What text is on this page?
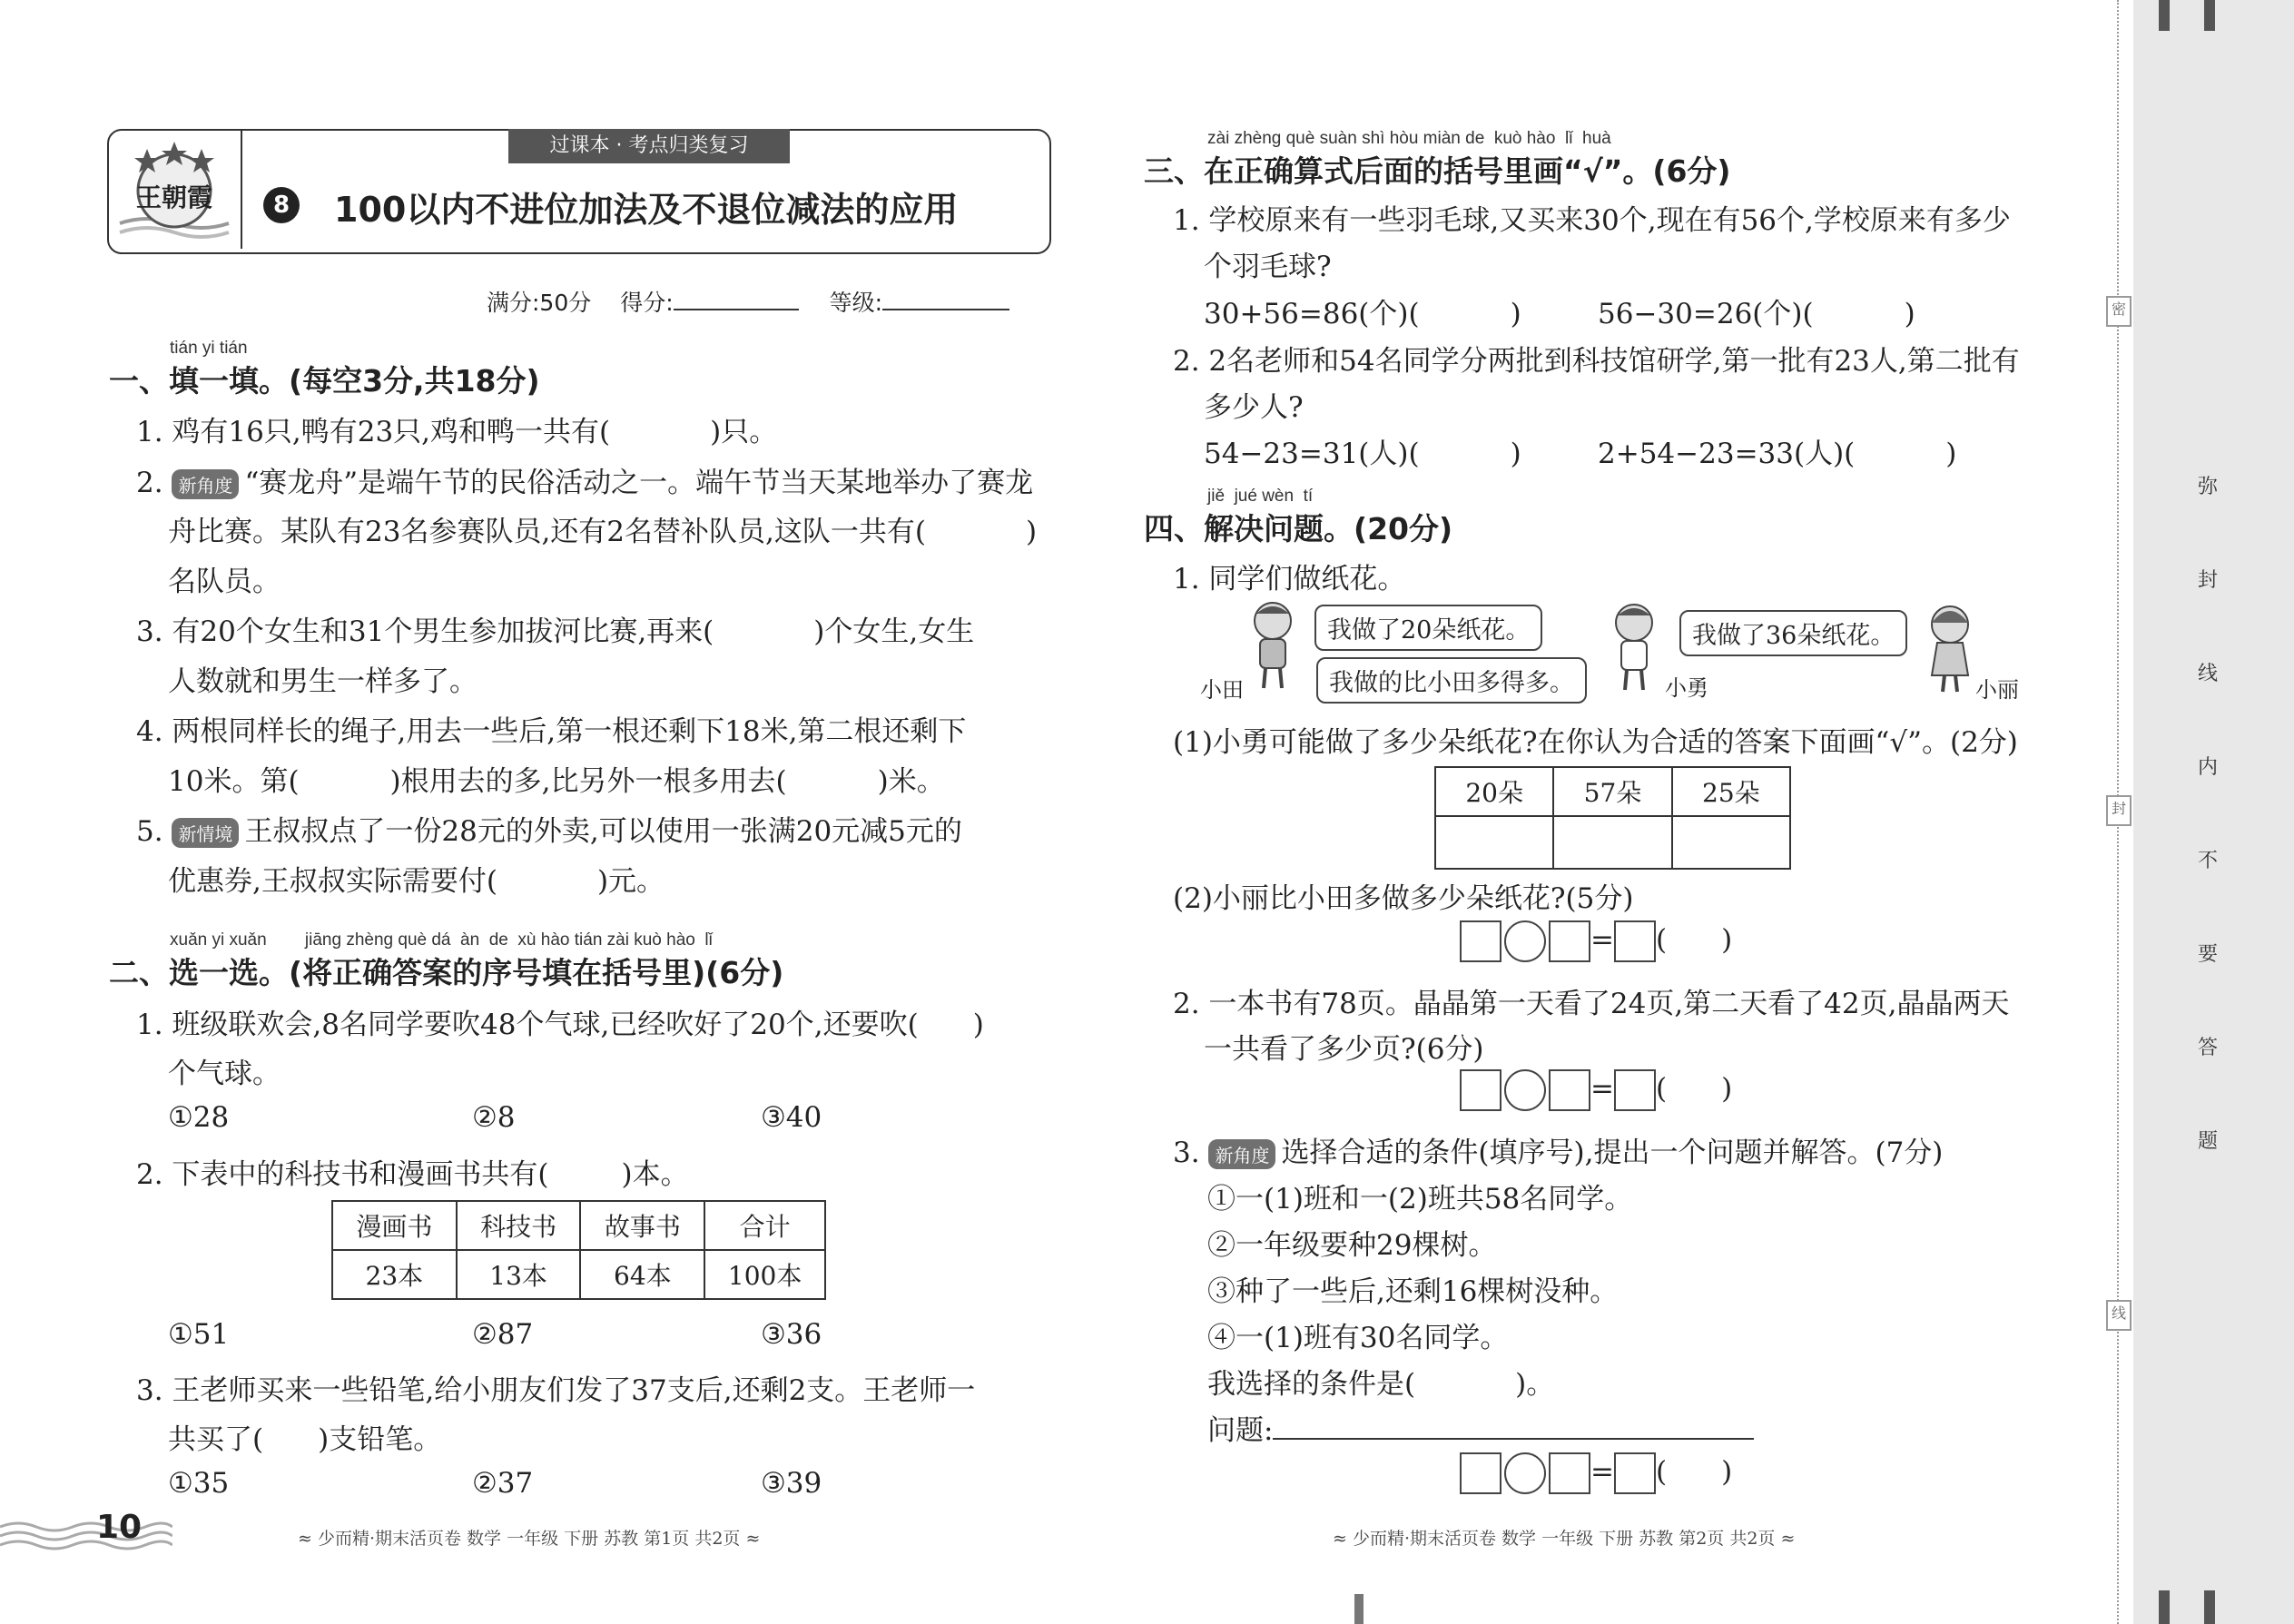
王朝霞
过课本 · 考点归类复习
8 100以内不进位加法及不退位减法的应用
满分:50分 得分:	等级:
tián yi tián
一、填一填。(每空3分,共18分)
1. 鸡有16只,鸭有23只,鸡和鸭一共有(	)只。
2. 新角度 “赛龙舟”是端午节的民俗活动之一。端午节当天某地举办了赛龙
舟比赛。某队有23名参赛队员,还有2名替补队员,这队一共有(	)
名队员。
3. 有20个女生和31个男生参加拔河比赛,再来(	)个女生,女生
人数就和男生一样多了。
4. 两根同样长的绳子,用去一些后,第一根还剩下18米,第二根还剩下
10米。第(	)根用去的多,比另外一根多用去(	)米。
5. 新情境 王叔叔点了一份28元的外卖,可以使用一张满20元减5元的
优惠券,王叔叔实际需要付(	)元。
xuǎn yi xuǎn        jiāng zhèng què dá  àn  de  xù hào tián zài kuò hào  lǐ
二、选一选。(将正确答案的序号填在括号里)(6分)
1. 班级联欢会,8名同学要吹48个气球,已经吹好了20个,还要吹( )
个气球。
①28	②8	③40
2. 下表中的科技书和漫画书共有(	)本。
漫画书	科技书	故事书	合计
23本	13本	64本	100本
①51	②87	③36
3. 王老师买来一些铅笔,给小朋友们发了37支后,还剩2支。王老师一
共买了( )支铅笔。
①35	②37	③39
10	≈ 少而精·期末活页卷 数学 一年级 下册 苏教 第1页 共2页 ≈
zài zhèng què suàn shì hòu miàn de  kuò hào  lǐ  huà
三、在正确算式后面的括号里画“√”。(6分)
1. 学校原来有一些羽毛球,又买来30个,现在有56个,学校原来有多少
个羽毛球?
30+56=86(个)(	)	56−30=26(个)(	)
2. 2名老师和54名同学分两批到科技馆研学,第一批有23人,第二批有
多少人?
54−23=31(人)(	)	2+54−23=33(人)(	)
jiě  jué wèn  tí
四、解决问题。(20分)
1. 同学们做纸花。
我做了20朵纸花。
我做的比小田多得多。
我做了36朵纸花。
小田	小勇	小丽
(1)小勇可能做了多少朵纸花?在你认为合适的答案下面画“√”。(2分)
20朵	57朵	25朵

(2)小丽比小田多做多少朵纸花?(5分)
= ( )
2. 一本书有78页。晶晶第一天看了24页,第二天看了42页,晶晶两天
一共看了多少页?(6分)
= ( )
3. 新角度 选择合适的条件(填序号),提出一个问题并解答。(7分)
①一(1)班和一(2)班共58名同学。
②一年级要种29棵树。
③种了一些后,还剩16棵树没种。
④一(1)班有30名同学。
我选择的条件是(	)。
问题:
= ( )
≈ 少而精·期末活页卷 数学 一年级 下册 苏教 第2页 共2页 ≈
密
封
线
弥
封
线
内
不
要
答
题
